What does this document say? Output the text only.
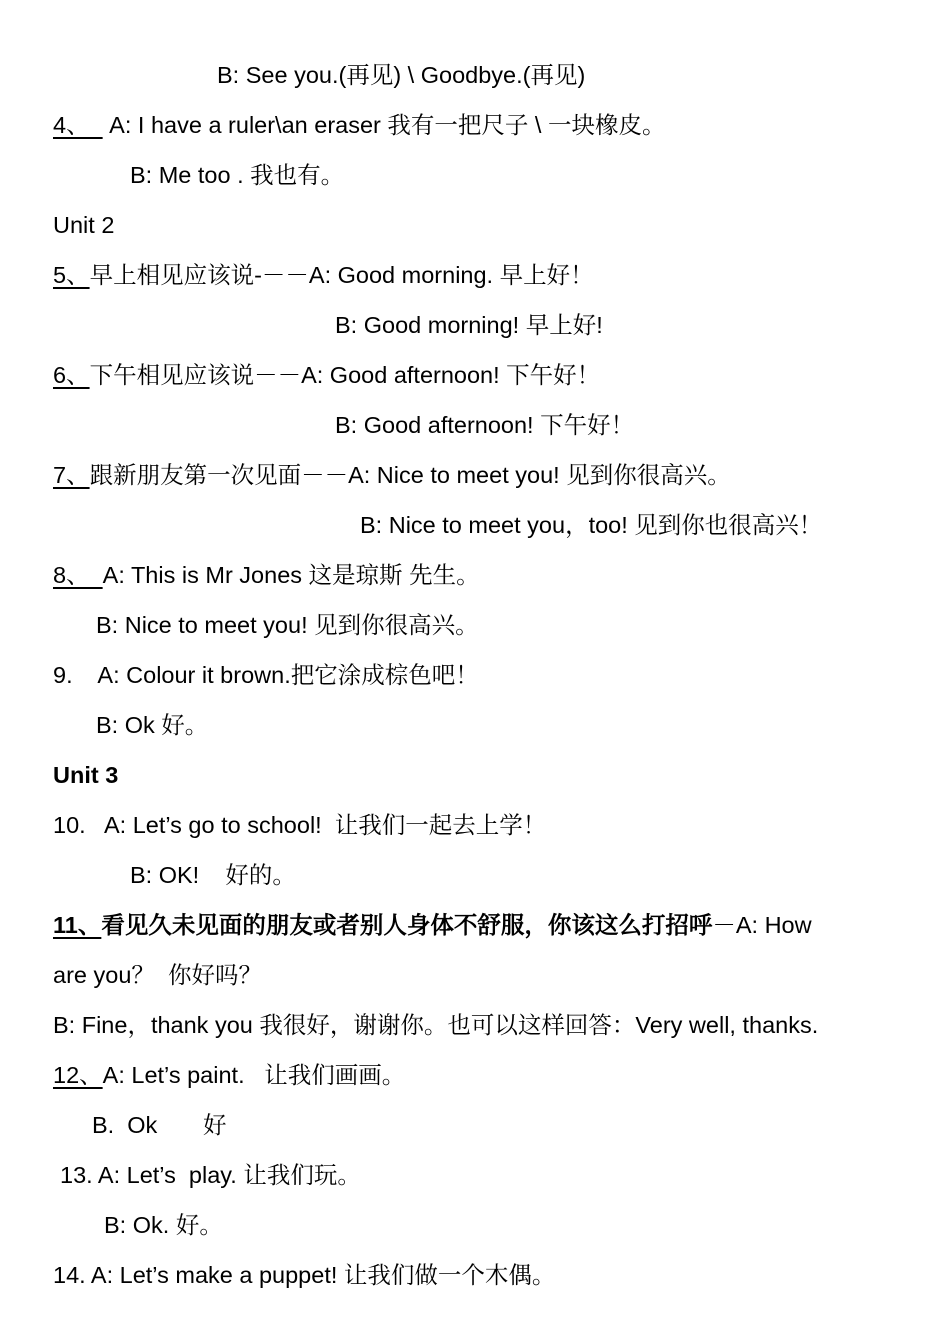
B: See you.(再见) \ Goodbye.(再见)
4、   A: I have a ruler\an eraser 我有一把尺子 \ 一块橡皮。
B: Me too . 我也有。
Unit 2
5、早上相见应该说-－－A: Good morning. 早上好！
B: Good morning! 早上好!
6、下午相见应该说－－A: Good afternoon! 下午好！
B: Good afternoon! 下午好！
7、跟新朋友第一次见面－－A: Nice to meet you! 见到你很高兴。
B: Nice to meet you，too! 见到你也很高兴！
8、  A: This is Mr Jones 这是琼斯 先生。
B: Nice to meet you! 见到你很高兴。
9.    A: Colour it brown.把它涂成棕色吧！
B: Ok 好。
Unit 3
10.   A: Let’s go to school!  让我们一起去上学！
B: OK!    好的。
11、看见久未见面的朋友或者别人身体不舒服，你该这么打招呼－A: How
are you？  你好吗？
B: Fine，thank you 我很好，谢谢你。也可以这样回答：Very well, thanks.
12、A: Let’s paint.   让我们画画。
B.  Ok       好
13. A: Let’s  play. 让我们玩。
B: Ok. 好。
14. A: Let’s make a puppet! 让我们做一个木偶。
